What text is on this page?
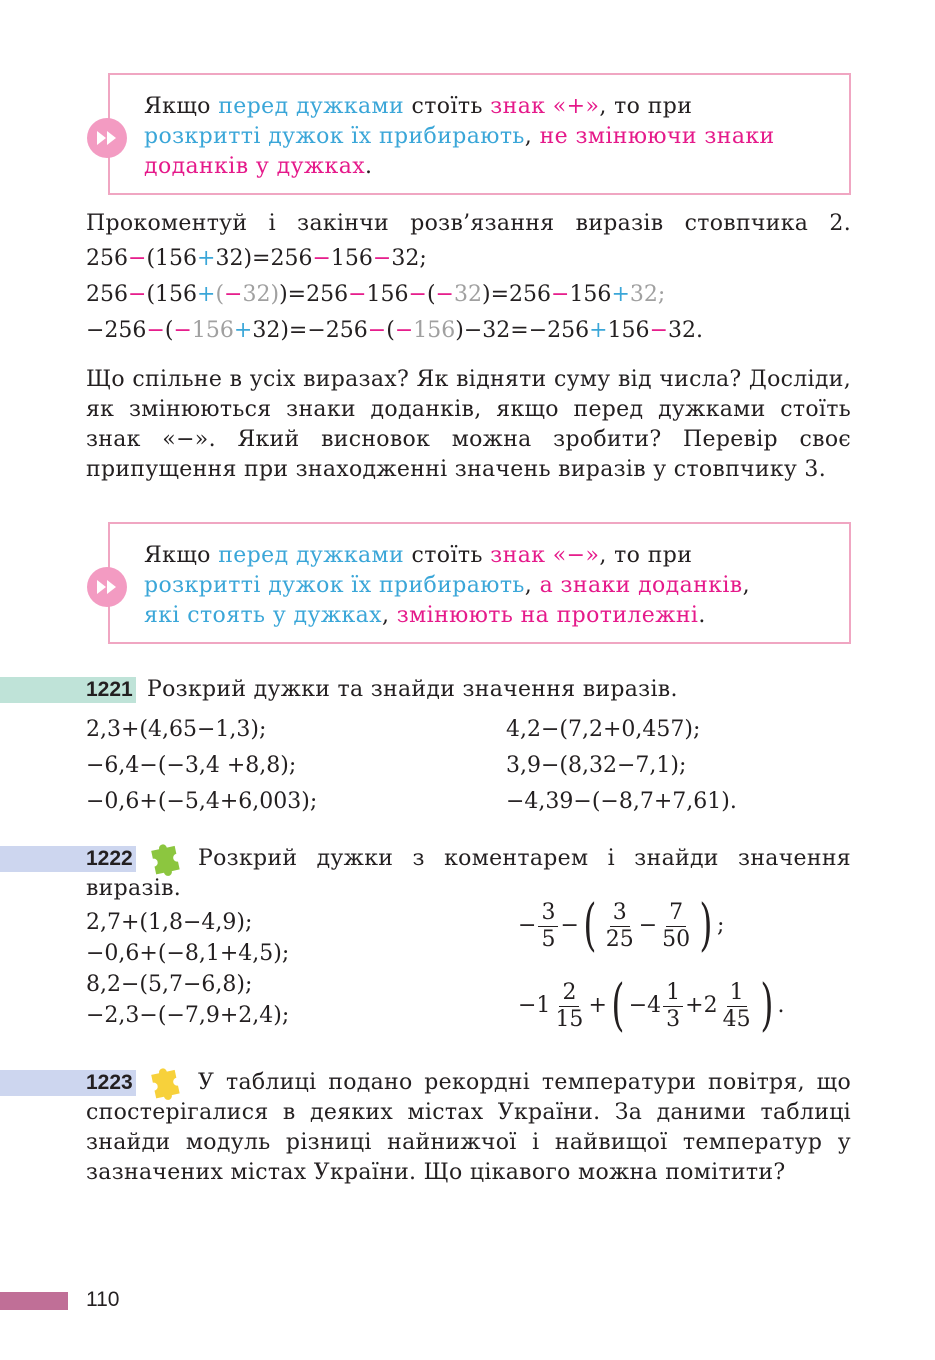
Якщо перед дужками стоїть знак «+», то при
розкритті дужок їх прибирають, не змінюючи знаки
доданків у дужках.
Прокоментуй і закінчи розв’язання виразів стовпчика 2.
256−(156+32)=256−156−32;
256−(156+(−32))=256−156−(−32)=256−156+32;
−256−(−156+32)=−256−(−156)−32=−256+156−32.
Що спільне в усіх виразах? Як відняти суму від числа? Досліди, як змінюються знаки доданків, якщо перед дужками стоїть знак «−». Який висновок можна зробити? Перевір своє припущення при знаходженні значень виразів у стовпчику 3.
Якщо перед дужками стоїть знак «−», то при
розкритті дужок їх прибирають, а знаки доданків,
які стоять у дужках, змінюють на протилежні.
1221 Розкрий дужки та знайди значення виразів.
2,3+(4,65−1,3);
−6,4−(−3,4 +8,8);
−0,6+(−5,4+6,003);
4,2−(7,2+0,457);
3,9−(8,32−7,1);
−4,39−(−8,7+7,61).
1222	Розкрий дужки з коментарем і знайди значення
виразів.
2,7+(1,8−4,9);
−0,6+(−8,1+4,5);
8,2−(5,7−6,8);
−2,3−(−7,9+2,4);
− $\frac{3}{5}$ − ( $\frac{3}{25} - \frac{7}{50}$ ) ;
$-1 \frac{2}{15}$ + ( $-4 \frac{1}{3} + 2 \frac{1}{45}$ ) .
1223	У таблиці подано рекордні температури повітря, що спостерігалися в деяких містах України. За даними таблиці знайди модуль різниці найнижчої і найвищої температур у зазначених містах України. Що цікавого можна помітити?
110
